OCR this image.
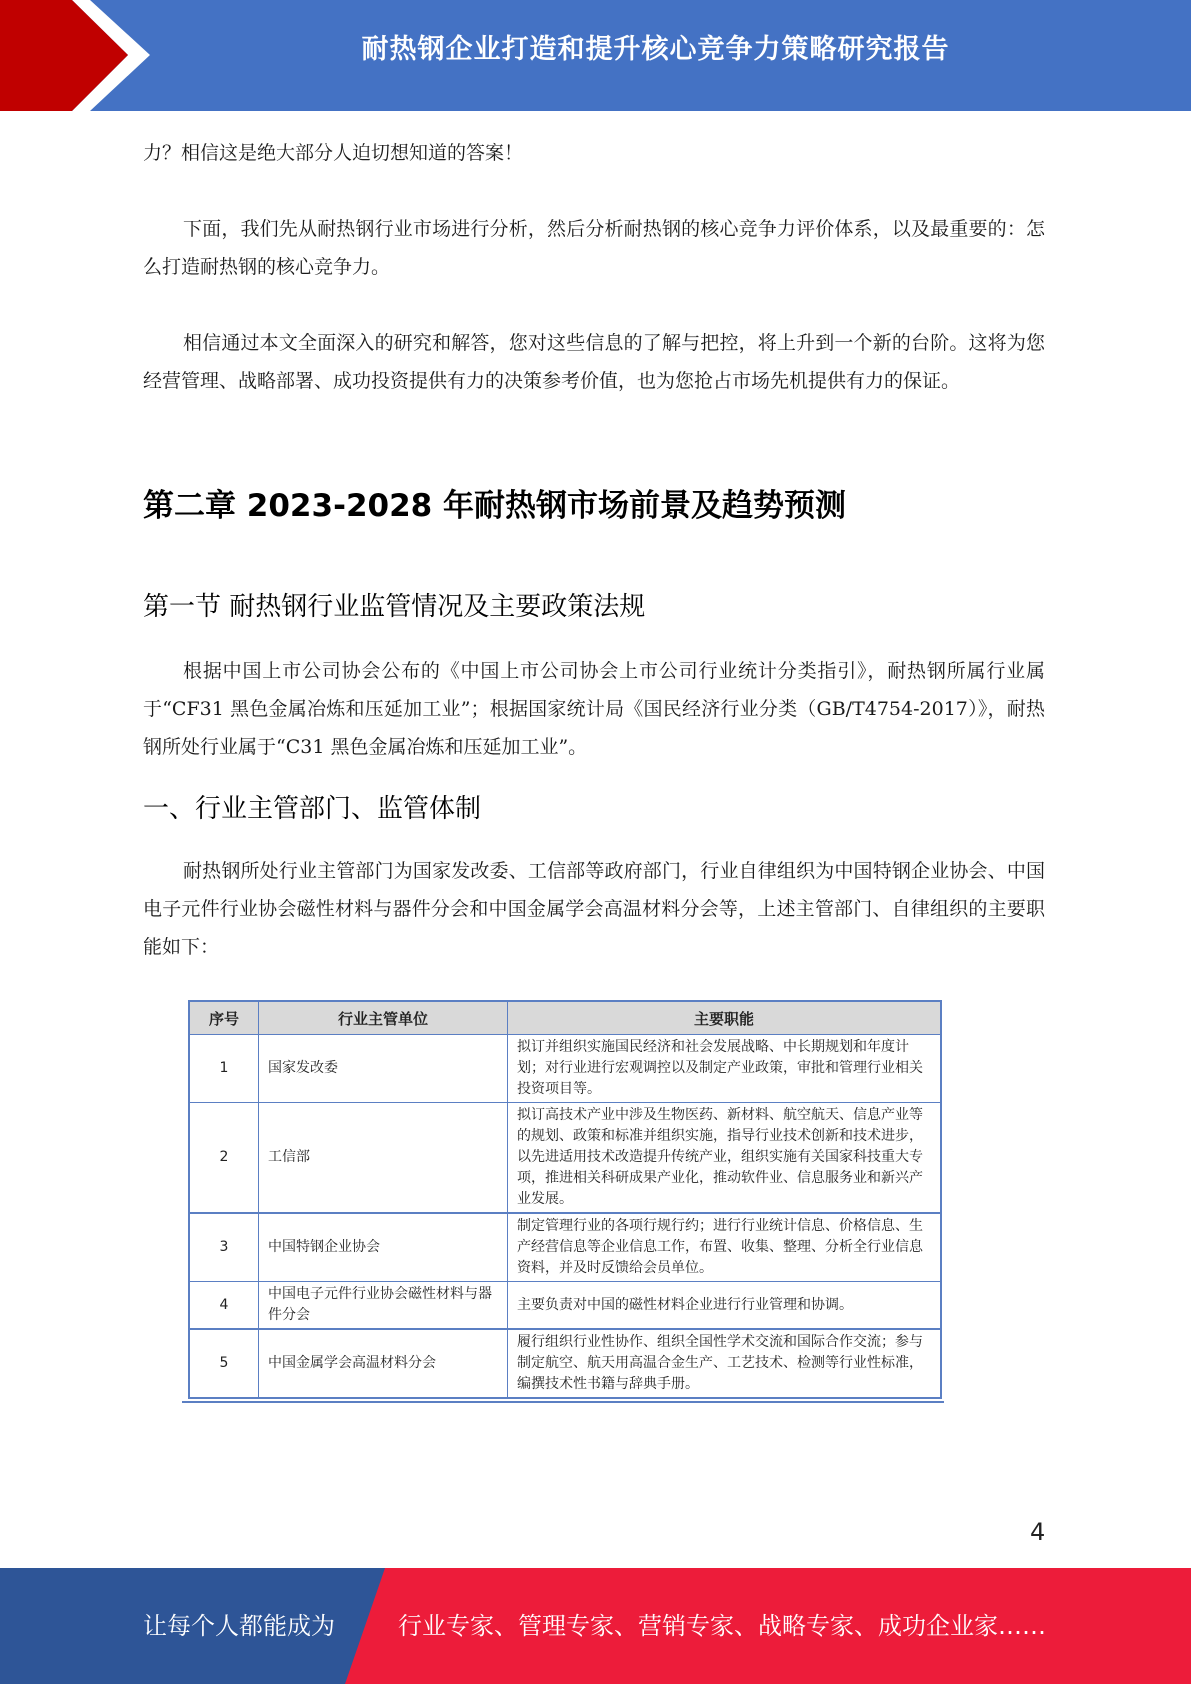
耐热钢企业打造和提升核心竞争力策略研究报告

力？相信这是绝大部分人迫切想知道的答案！

下面，我们先从耐热钢行业市场进行分析，然后分析耐热钢的核心竞争力评价体系，以及最重要的：怎么打造耐热钢的核心竞争力。

相信通过本文全面深入的研究和解答，您对这些信息的了解与把控，将上升到一个新的台阶。这将为您经营管理、战略部署、成功投资提供有力的决策参考价值，也为您抢占市场先机提供有力的保证。

第二章 2023-2028 年耐热钢市场前景及趋势预测
第一节 耐热钢行业监管情况及主要政策法规

根据中国上市公司协会公布的《中国上市公司协会上市公司行业统计分类指引》，耐热钢所属行业属于“CF31 黑色金属冶炼和压延加工业”；根据国家统计局《国民经济行业分类（GB/T4754-2017）》，耐热钢所处行业属于“C31 黑色金属冶炼和压延加工业”。

一、行业主管部门、监管体制

耐热钢所处行业主管部门为国家发改委、工信部等政府部门，行业自律组织为中国特钢企业协会、中国电子元件行业协会磁性材料与器件分会和中国金属学会高温材料分会等，上述主管部门、自律组织的主要职能如下：

序号	行业主管单位	主要职能
1	国家发改委	拟订并组织实施国民经济和社会发展战略、中长期规划和年度计划；对行业进行宏观调控以及制定产业政策，审批和管理行业相关投资项目等。
2	工信部	拟订高技术产业中涉及生物医药、新材料、航空航天、信息产业等的规划、政策和标准并组织实施，指导行业技术创新和技术进步，以先进适用技术改造提升传统产业，组织实施有关国家科技重大专项，推进相关科研成果产业化，推动软件业、信息服务业和新兴产业发展。
3	中国特钢企业协会	制定管理行业的各项行规行约；进行行业统计信息、价格信息、生产经营信息等企业信息工作，布置、收集、整理、分析全行业信息资料，并及时反馈给会员单位。
4	中国电子元件行业协会磁性材料与器件分会	主要负责对中国的磁性材料企业进行行业管理和协调。
5	中国金属学会高温材料分会	履行组织行业性协作、组织全国性学术交流和国际合作交流；参与制定航空、航天用高温合金生产、工艺技术、检测等行业性标准，编撰技术性书籍与辞典手册。
4
让每个人都能成为	行业专家、管理专家、营销专家、战略专家、成功企业家……
